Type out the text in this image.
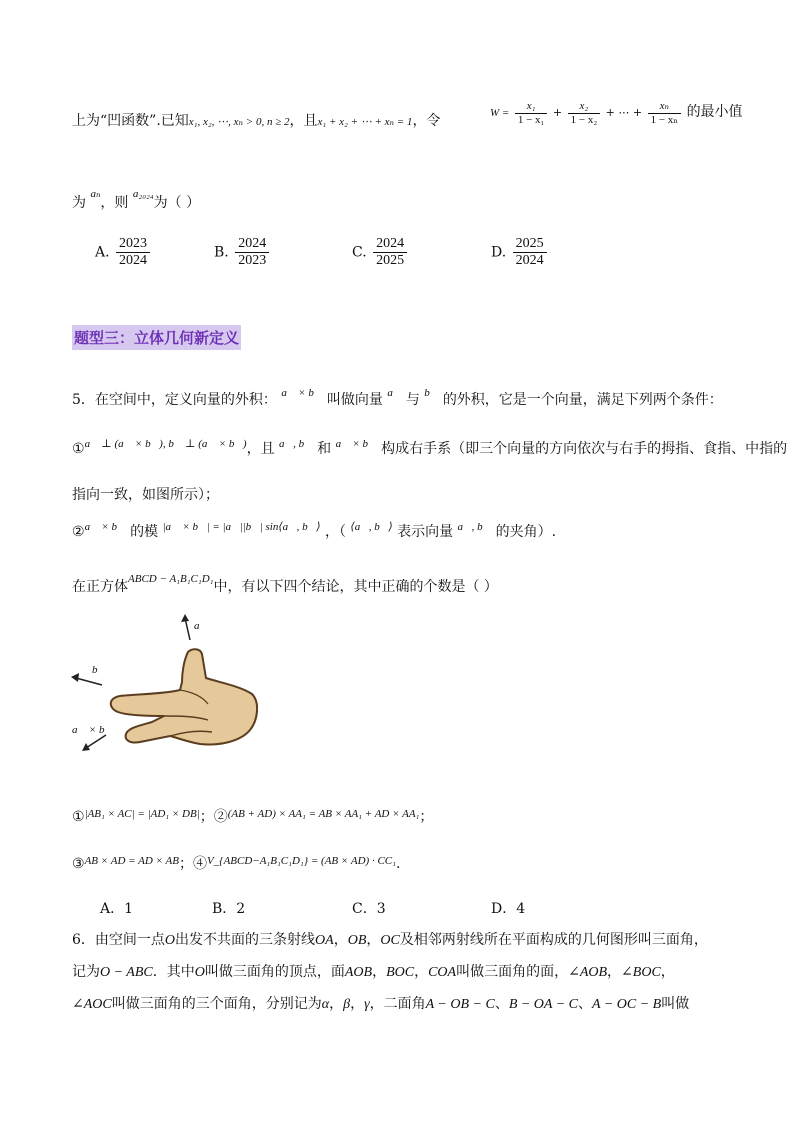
上为“凹函数”.已知x₁, x₂, ⋯, xₙ > 0, n ≥ 2，且x₁ + x₂ + ⋯ + xₙ = 1，令	$W = \frac{\text{x₁}}{\text{1 − x₁}} + \frac{\text{x₂}}{\text{1 − x₂}}$ + ⋯ + $\frac{\text{xₙ}}{\text{1 − xₙ}}$ 的最小值
为 $^{a_n}$，则 $^{a_{2024}}$为（ ）
A. $\frac{2023}{2024}$	B. $\frac{2024}{2023}$	C. $\frac{2024}{2025}$	D. $\frac{2025}{2024}$
题型三：立体几何新定义
5．在空间中，定义向量的外积： $^{a⃗ \times b⃗}$ 叫做向量 $^{a⃗}$ 与 $^{b⃗}$ 的外积，它是一个向量，满足下列两个条件：
①$^{a⃗ \perp (a⃗ \times b⃗), b⃗ \perp (a⃗ \times b⃗)}$，且 $^{a⃗, b⃗}$ 和 $^{a⃗ \times b⃗}$ 构成右手系（即三个向量的方向依次与右手的拇指、食指、中指的
指向一致，如图所示）；
②$^{a⃗ \times b⃗}$ 的模 $^{|a⃗ \times b⃗| = |a⃗||b⃗| sin⟨a⃗, b⃗⟩}$ ，（ $^{⟨a⃗, b⃗⟩}$ 表示向量 $^{a⃗, b⃗}$ 的夹角）.
在正方体$^{ABCD - A_1B_1C_1D_1}$中，有以下四个结论，其中正确的个数是（ ）
a⃗
b⃗
a⃗ × b⃗
①$^{|AB_1 \times AC| = |AD_1 \times DB|}$；②$^{(AB + AD) \times AA_1 = AB \times AA_1 + AD \times AA_1}$；
③$^{AB \times AD = AD \times AB}$；④$^{V\_\{ABCD-A_1B_1C_1D_1\} = (AB \times AD) \cdot CC_1}$.
A．1	B．2	C．3	D．4
6．由空间一点O出发不共面的三条射线OA，OB，OC及相邻两射线所在平面构成的几何图形叫三面角，
记为O − ABC．其中O叫做三面角的顶点，面AOB，BOC，COA叫做三面角的面，∠AOB，∠BOC，
∠AOC叫做三面角的三个面角，分别记为α，β，γ，二面角A − OB − C、B − OA − C、A − OC − B叫做
